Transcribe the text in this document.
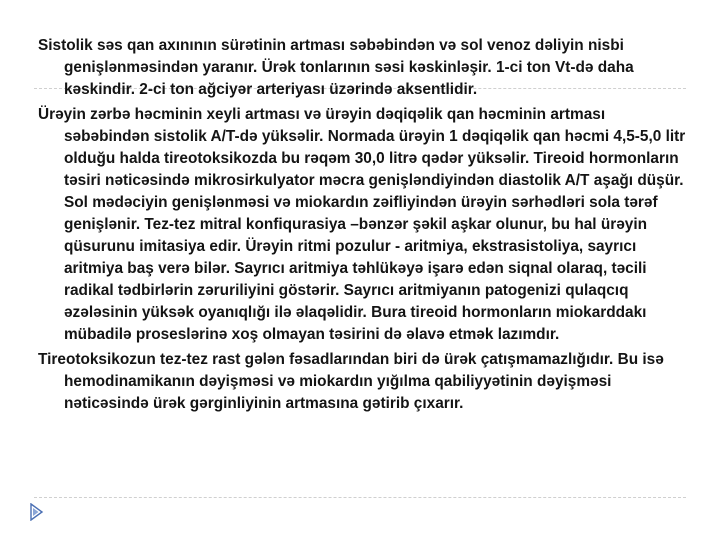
Sistolik səs qan axınının sürətinin artması səbəbindən və sol venoz dəliyin nisbi genişlənməsindən yaranır. Ürək tonlarının səsi kəskinləşir. 1-ci ton Vt-də daha kəskindir. 2-ci ton ağciyər arteriyası üzərində aksentlidir.

Ürəyin zərbə həcminin xeyli artması və ürəyin dəqiqəlik qan həcminin artması səbəbindən sistolik A/T-də yüksəlir. Normada ürəyin 1 dəqiqəlik qan həcmi 4,5-5,0 litr olduğu halda tireotoksikozda bu rəqəm 30,0 litrə qədər yüksəlir. Tireoid hormonların təsiri nəticəsində mikrosirkulyator məcra genişləndiyindən diastolik A/T aşağı düşür. Sol mədəciyin genişlənməsi və miokardın zəifliyindən ürəyin sərhədləri sola tərəf genişlənir. Tez-tez mitral konfiqurasiya –bənzər şəkil aşkar olunur, bu hal ürəyin qüsurunu imitasiya edir. Ürəyin ritmi pozulur - aritmiya, ekstrasistoliya, sayrıcı aritmiya baş verə bilər. Sayrıcı aritmiya təhlükəyə işarə edən siqnal olaraq, təcili radikal tədbirlərin zəruriliyini göstərir. Sayrıcı aritmiyanın patogenizi qulaqcıq əzələsinin yüksək oyanıqlığı ilə əlaqəlidir. Bura tireoid hormonların miokarddakı mübadilə proseslərinə xoş olmayan təsirini də əlavə etmək lazımdır.

Tireotoksikozun tez-tez rast gələn fəsadlarından biri də ürək çatışmamazlığıdır. Bu isə hemodinamikanın dəyişməsi və miokardın yığılma qabiliyyətinin dəyişməsi nəticəsində ürək gərginliyinin artmasına gətirib çıxarır.
